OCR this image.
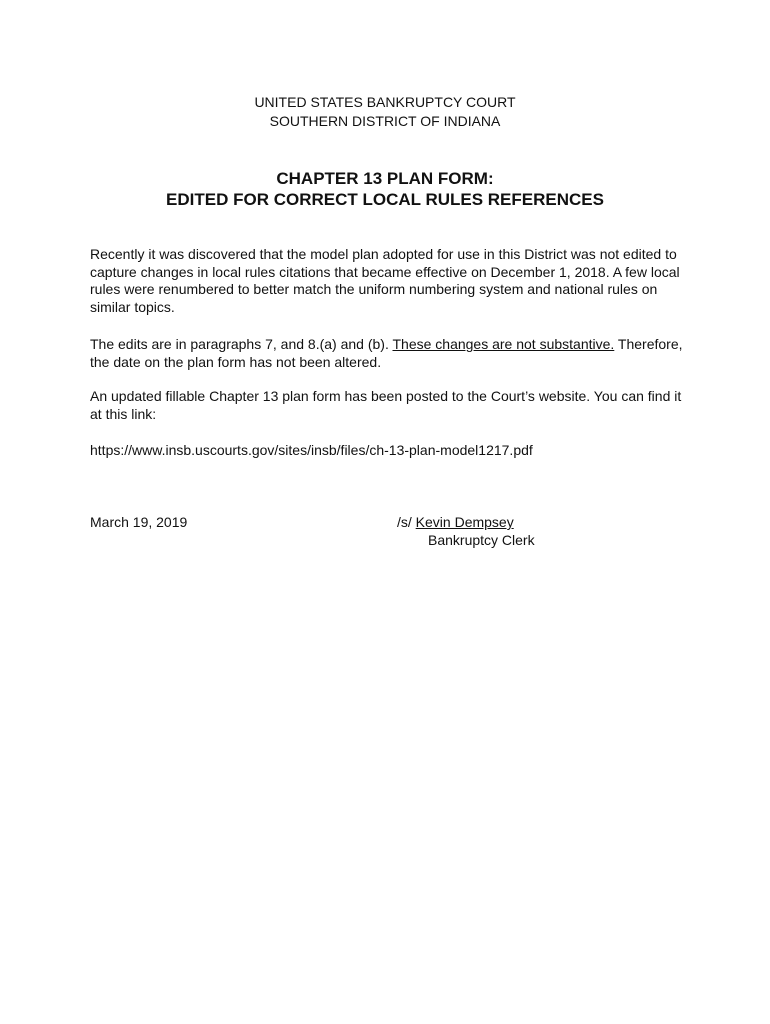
UNITED STATES BANKRUPTCY COURT
SOUTHERN DISTRICT OF INDIANA
CHAPTER 13 PLAN FORM:
EDITED FOR CORRECT LOCAL RULES REFERENCES

Recently it was discovered that the model plan adopted for use in this District was not edited to capture changes in local rules citations that became effective on December 1, 2018. A few local rules were renumbered to better match the uniform numbering system and national rules on similar topics.

The edits are in paragraphs 7, and 8.(a) and (b). These changes are not substantive. Therefore, the date on the plan form has not been altered.

An updated fillable Chapter 13 plan form has been posted to the Court’s website. You can find it at this link:

https://www.insb.uscourts.gov/sites/insb/files/ch-13-plan-model1217.pdf

March 19, 2019	/s/ Kevin Dempsey
Bankruptcy Clerk
